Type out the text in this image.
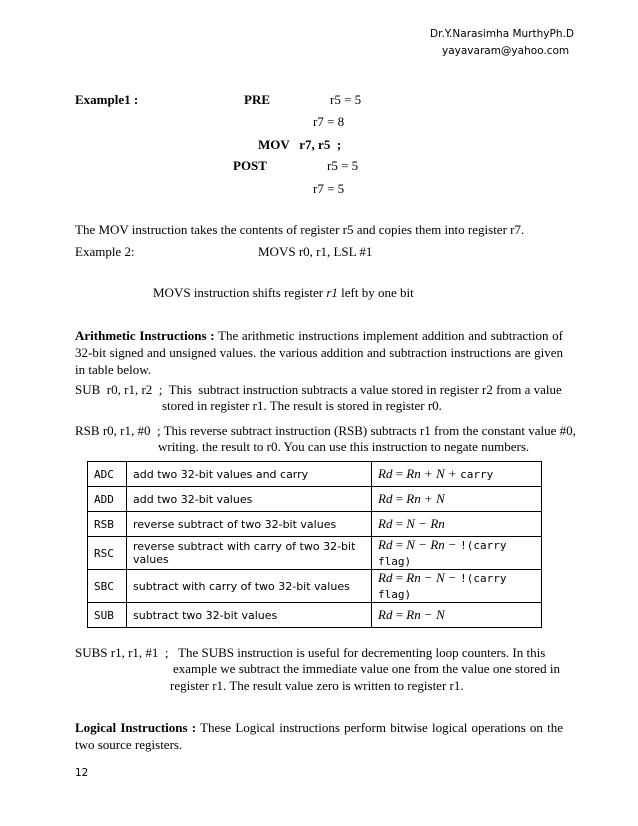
Dr.Y.Narasimha MurthyPh.D
yayavaram@yahoo.com
Example1 :	PRE	r5 = 5
r7 = 8
MOV   r7, r5  ;
POST	r5 = 5
r7 = 5
The MOV instruction takes the contents of register r5 and copies them into register r7.
Example 2:	MOVS r0, r1, LSL #1
MOVS instruction shifts register r1 left by one bit
Arithmetic Instructions : The arithmetic instructions implement addition and subtraction of 32-bit signed and unsigned values. the various addition and subtraction instructions are given in table below.
SUB  r0, r1, r2  ;  This  subtract instruction subtracts a value stored in register r2 from a value
stored in register r1. The result is stored in register r0.
RSB r0, r1, #0  ; This reverse subtract instruction (RSB) subtracts r1 from the constant value #0,
writing. the result to r0. You can use this instruction to negate numbers.
ADC	add two 32-bit values and carry	Rd = Rn + N + carry
ADD	add two 32-bit values	Rd = Rn + N
RSB	reverse subtract of two 32-bit values	Rd = N − Rn
RSC	reverse subtract with carry of two 32-bit values	Rd = N − Rn − !(carry flag)
SBC	subtract with carry of two 32-bit values	Rd = Rn − N − !(carry flag)
SUB	subtract two 32-bit values	Rd = Rn − N
SUBS r1, r1, #1  ;   The SUBS instruction is useful for decrementing loop counters. In this
example we subtract the immediate value one from the value one stored in
register r1. The result value zero is written to register r1.
Logical Instructions : These Logical instructions perform bitwise logical operations on the two source registers.
12
